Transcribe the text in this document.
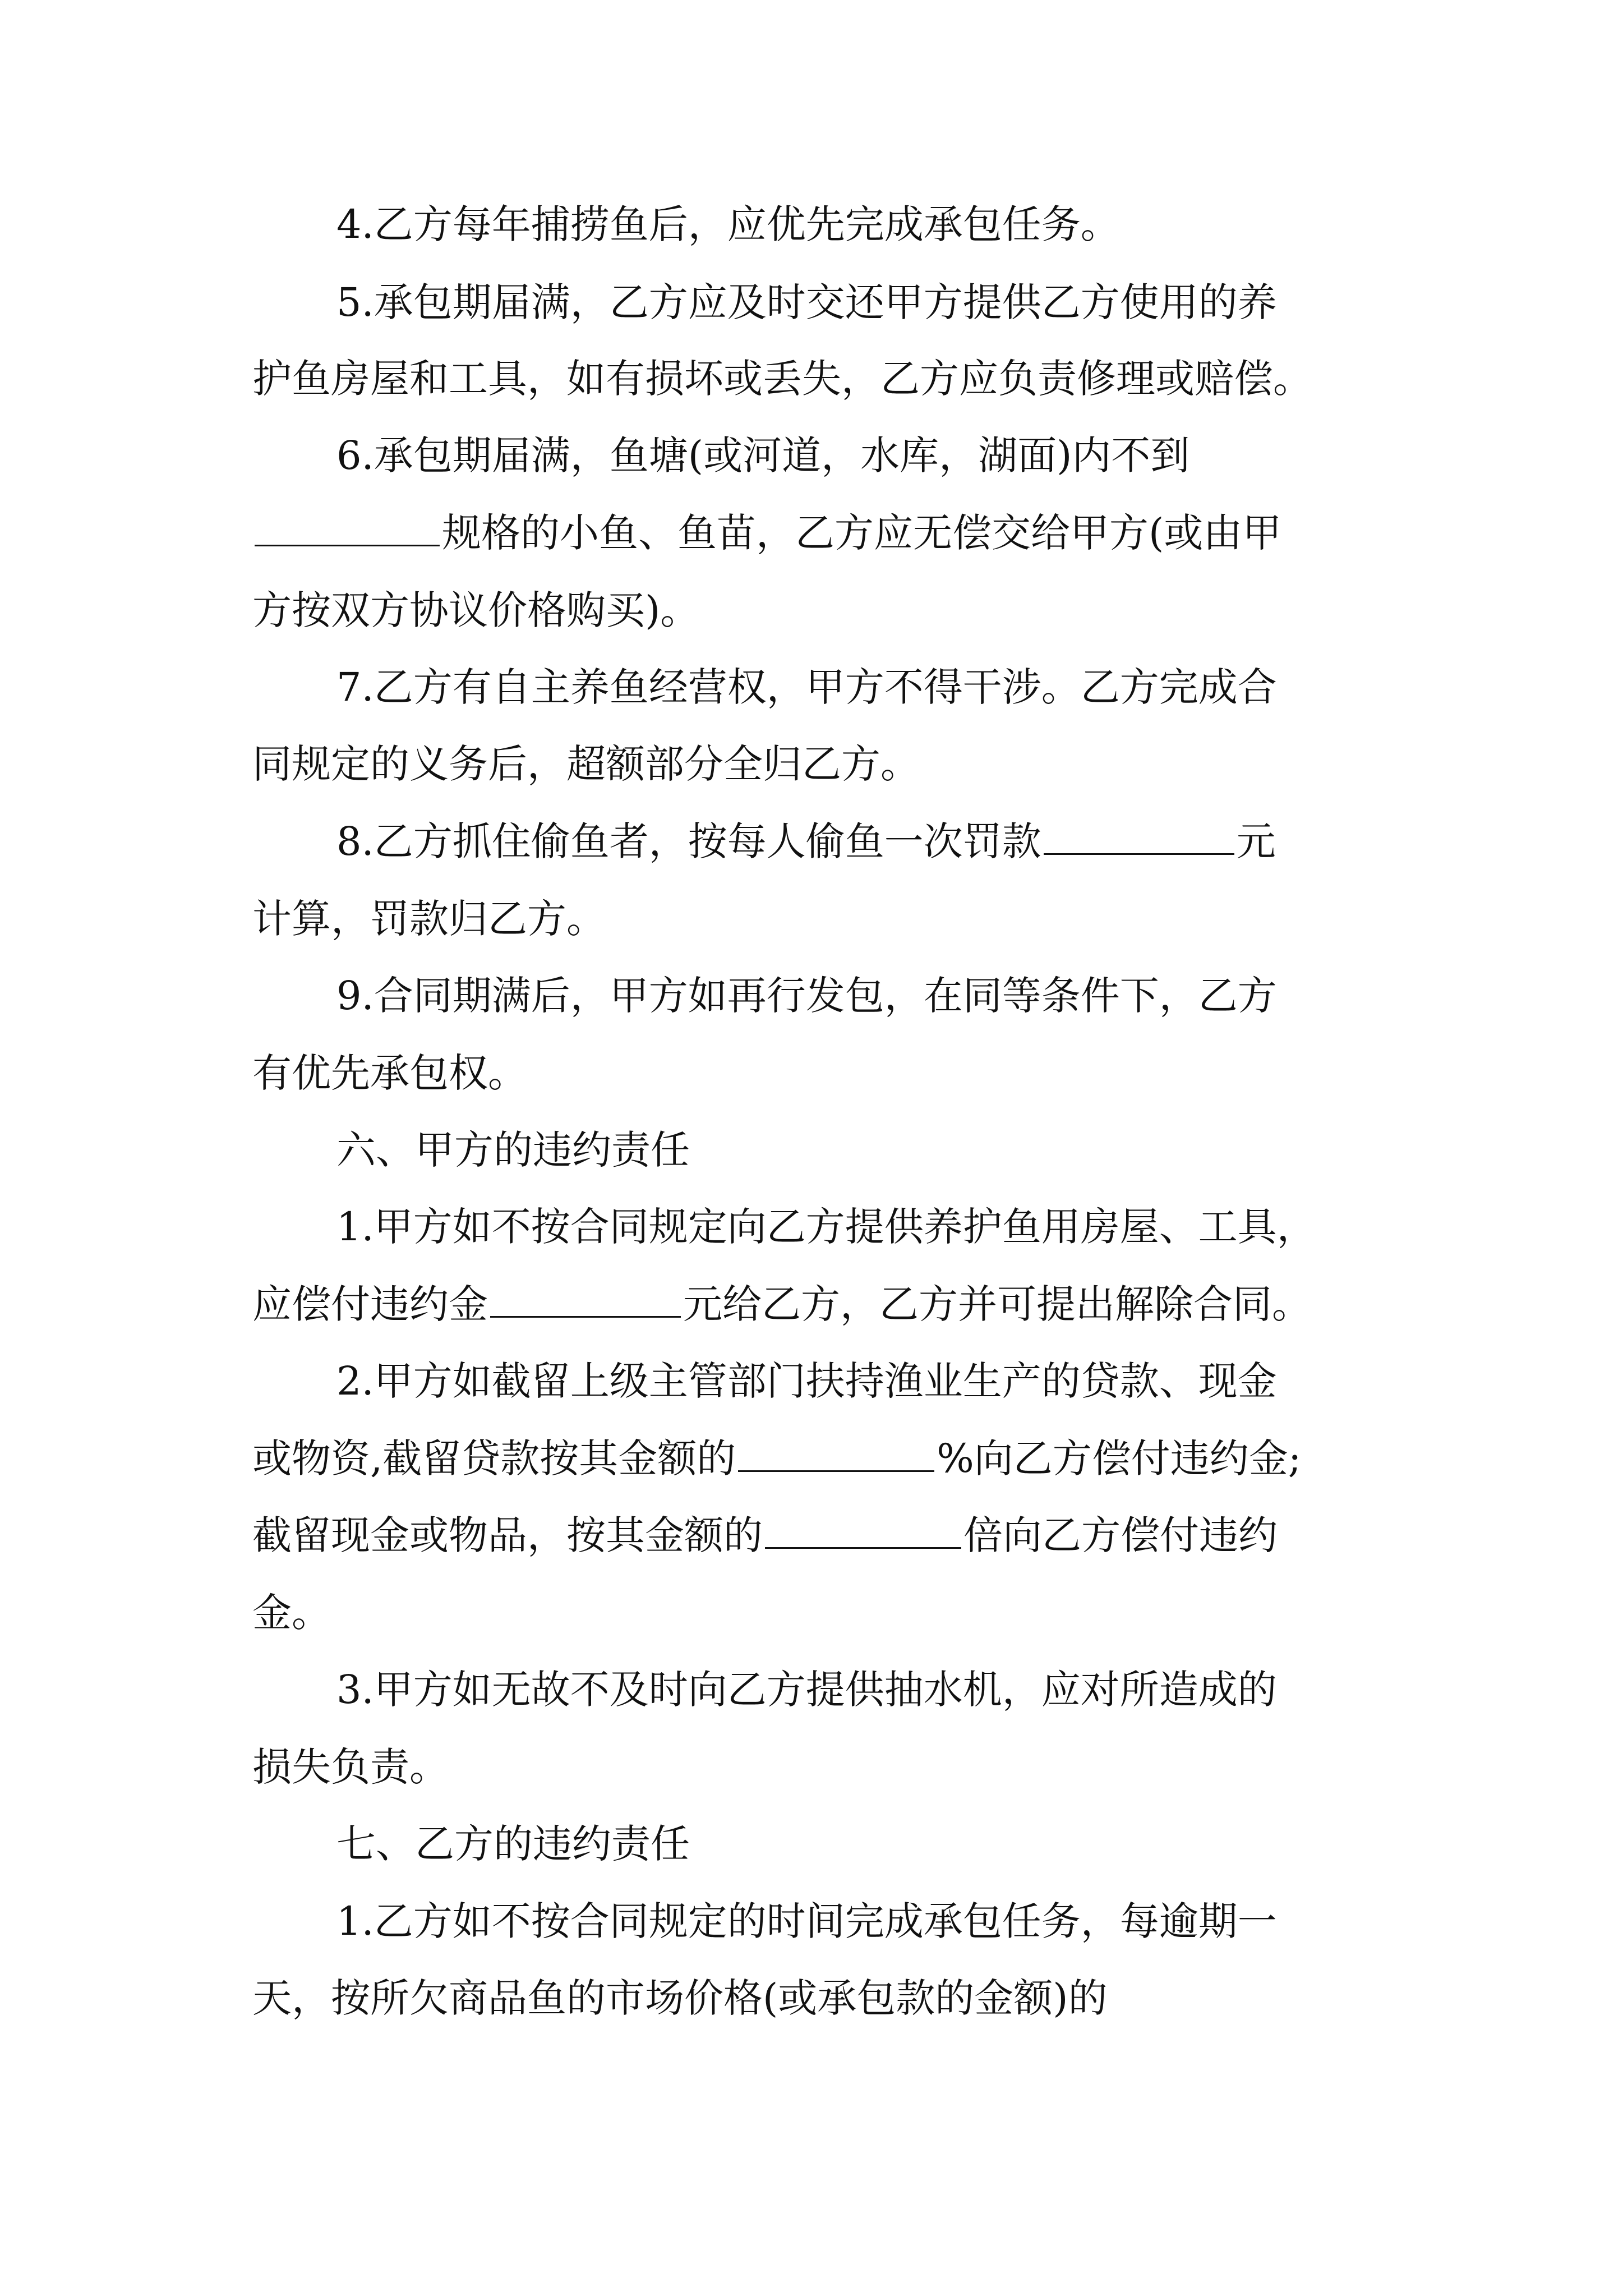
4.乙方每年捕捞鱼后，应优先完成承包任务。
5.承包期届满，乙方应及时交还甲方提供乙方使用的养
护鱼房屋和工具，如有损坏或丢失，乙方应负责修理或赔偿。
6.承包期届满，鱼塘(或河道，水库，湖面)内不到
规格的小鱼、鱼苗，乙方应无偿交给甲方(或由甲
方按双方协议价格购买)。
7.乙方有自主养鱼经营权，甲方不得干涉。乙方完成合
同规定的义务后，超额部分全归乙方。
8.乙方抓住偷鱼者，按每人偷鱼一次罚款	元
计算，罚款归乙方。
9.合同期满后，甲方如再行发包，在同等条件下，乙方
有优先承包权。
六、甲方的违约责任
1.甲方如不按合同规定向乙方提供养护鱼用房屋、工具，
应偿付违约金	元给乙方，乙方并可提出解除合同。
2.甲方如截留上级主管部门扶持渔业生产的贷款、现金
或物资,截留贷款按其金额的	%向乙方偿付违约金;
截留现金或物品，按其金额的	倍向乙方偿付违约
金。
3.甲方如无故不及时向乙方提供抽水机，应对所造成的
损失负责。
七、乙方的违约责任
1.乙方如不按合同规定的时间完成承包任务，每逾期一
天，按所欠商品鱼的市场价格(或承包款的金额)的
